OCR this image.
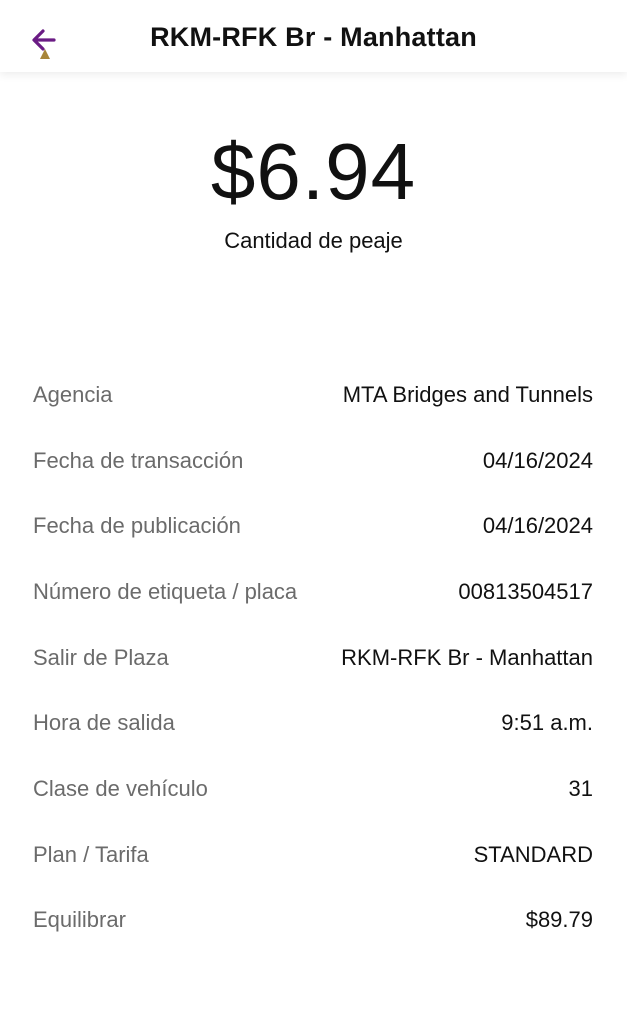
RKM-RFK Br - Manhattan
$6.94
Cantidad de peaje
Agencia	MTA Bridges and Tunnels
Fecha de transacción	04/16/2024
Fecha de publicación	04/16/2024
Número de etiqueta / placa	00813504517
Salir de Plaza	RKM-RFK Br - Manhattan
Hora de salida	9:51 a.m.
Clase de vehículo	31
Plan / Tarifa	STANDARD
Equilibrar	$89.79
